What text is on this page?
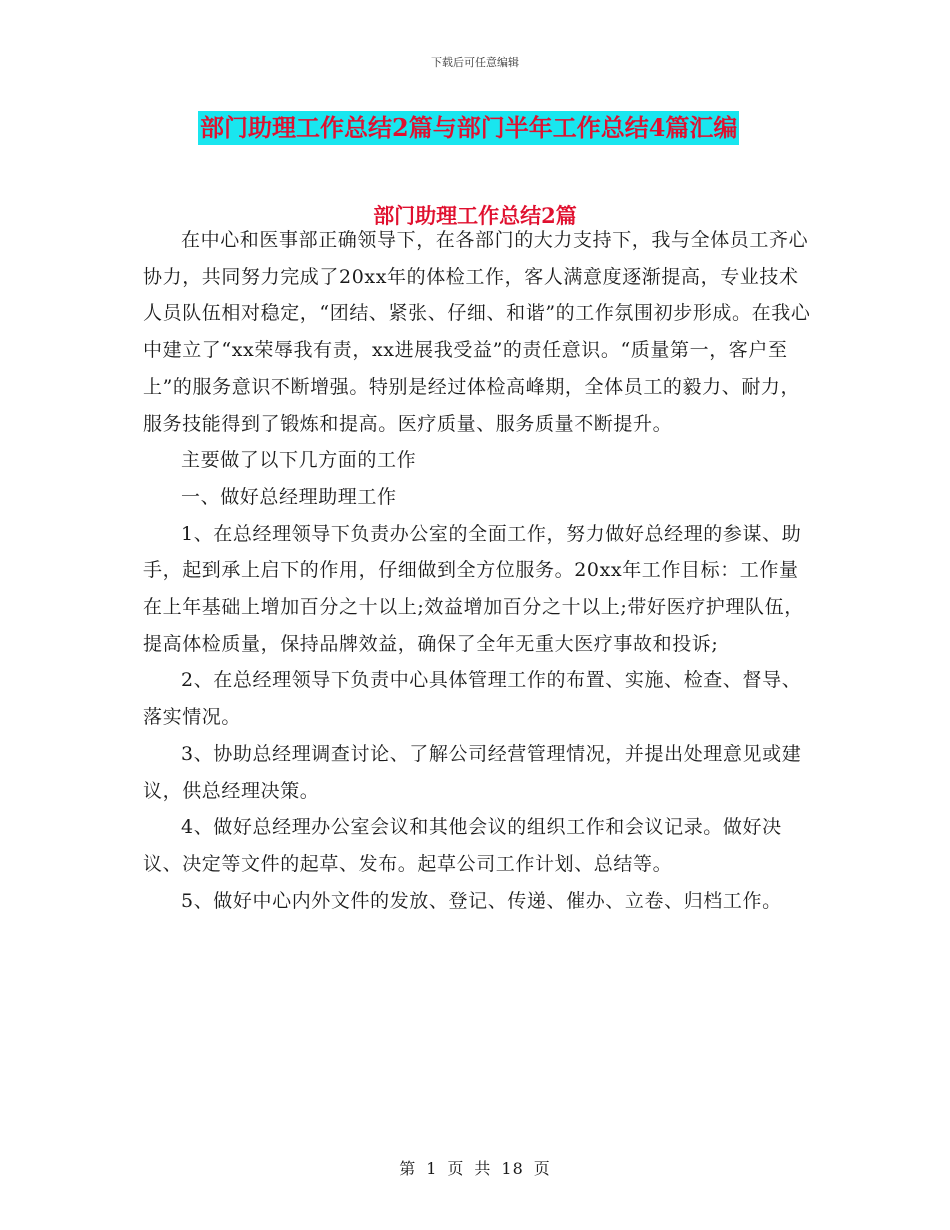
下载后可任意编辑
部门助理工作总结2篇与部门半年工作总结4篇汇编
部门助理工作总结2篇

在中心和医事部正确领导下，在各部门的大力支持下，我与全体员工齐心协力，共同努力完成了20xx年的体检工作，客人满意度逐渐提高，专业技术人员队伍相对稳定，“团结、紧张、仔细、和谐”的工作氛围初步形成。在我心中建立了“xx荣辱我有责，xx进展我受益”的责任意识。“质量第一，客户至上”的服务意识不断增强。特别是经过体检高峰期，全体员工的毅力、耐力，服务技能得到了锻炼和提高。医疗质量、服务质量不断提升。

主要做了以下几方面的工作

一、做好总经理助理工作

1、在总经理领导下负责办公室的全面工作，努力做好总经理的参谋、助手，起到承上启下的作用，仔细做到全方位服务。20xx年工作目标：工作量在上年基础上增加百分之十以上;效益增加百分之十以上;带好医疗护理队伍，提高体检质量，保持品牌效益，确保了全年无重大医疗事故和投诉;

2、在总经理领导下负责中心具体管理工作的布置、实施、检查、督导、落实情况。

3、协助总经理调查讨论、了解公司经营管理情况，并提出处理意见或建议，供总经理决策。

4、做好总经理办公室会议和其他会议的组织工作和会议记录。做好决议、决定等文件的起草、发布。起草公司工作计划、总结等。

5、做好中心内外文件的发放、登记、传递、催办、立卷、归档工作。

第 1 页 共 18 页
